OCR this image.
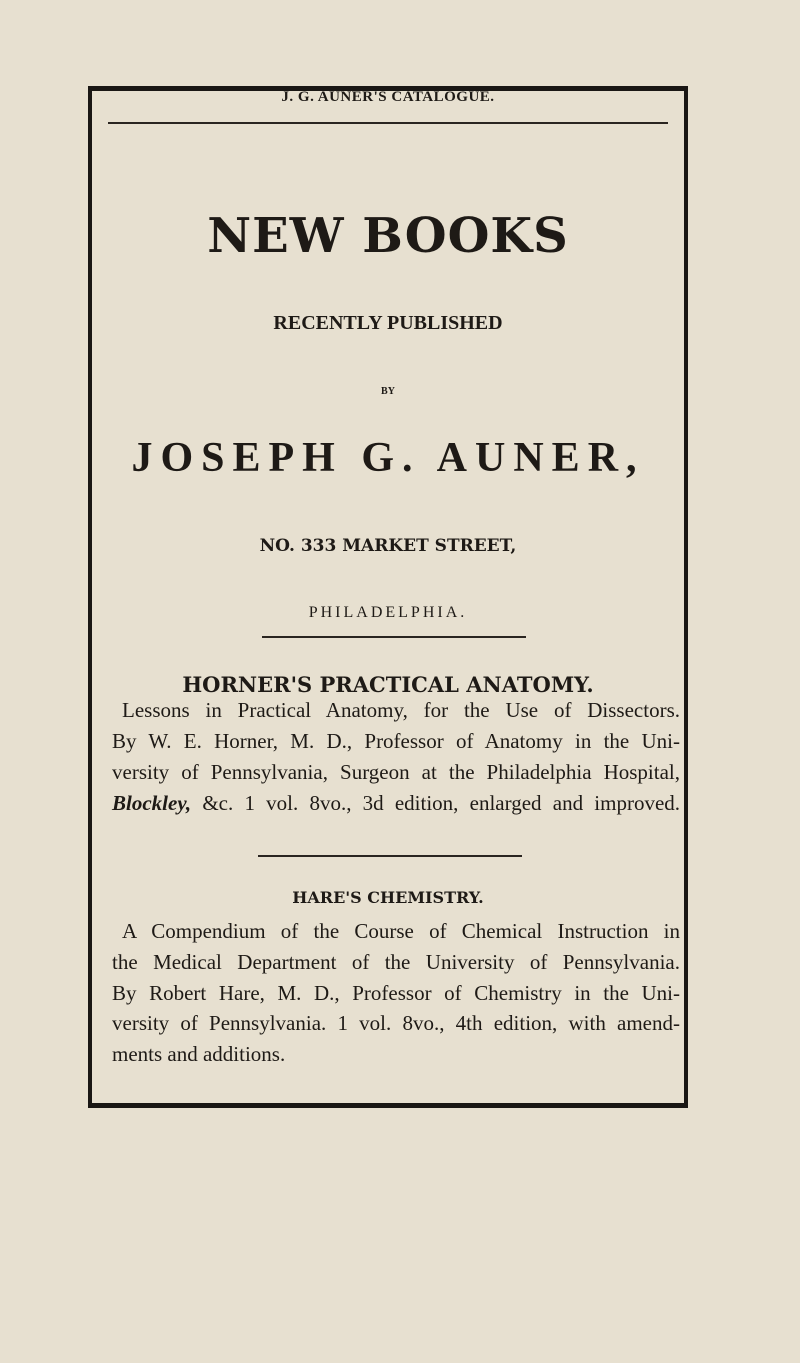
J. G. AUNER'S CATALOGUE.
NEW BOOKS
RECENTLY PUBLISHED
BY
JOSEPH G. AUNER,
NO. 333 MARKET STREET,
PHILADELPHIA.
HORNER'S PRACTICAL ANATOMY.
Lessons in Practical Anatomy, for the Use of Dissectors.
By W. E. Horner, M. D., Professor of Anatomy in the Uni-
versity of Pennsylvania, Surgeon at the Philadelphia Hospital,
Blockley, &c. 1 vol. 8vo., 3d edition, enlarged and improved.
HARE'S CHEMISTRY.
A Compendium of the Course of Chemical Instruction in
the Medical Department of the University of Pennsylvania.
By Robert Hare, M. D., Professor of Chemistry in the Uni-
versity of Pennsylvania. 1 vol. 8vo., 4th edition, with amend-
ments and additions.
